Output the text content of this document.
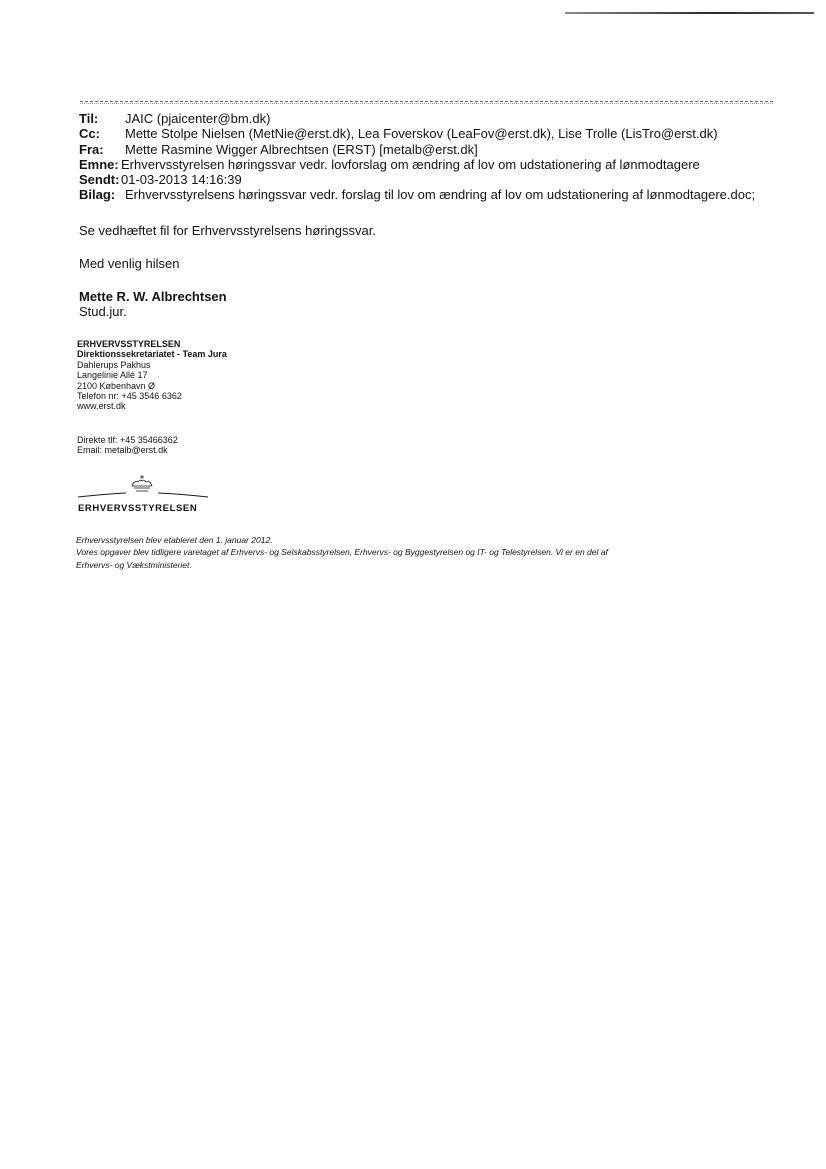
Til: JAIC (pjaicenter@bm.dk)
Cc: Mette Stolpe Nielsen (MetNie@erst.dk), Lea Foverskov (LeaFov@erst.dk), Lise Trolle (LisTro@erst.dk)
Fra: Mette Rasmine Wigger Albrechtsen (ERST) [metalb@erst.dk]
Emne: Erhvervsstyrelsen høringssvar vedr. lovforslag om ændring af lov om udstationering af lønmodtagere
Sendt: 01-03-2013 14:16:39
Bilag: Erhvervsstyrelsens høringssvar vedr. forslag til lov om ændring af lov om udstationering af lønmodtagere.doc;
Se vedhæftet fil for Erhvervsstyrelsens høringssvar.
Med venlig hilsen
Mette R. W. Albrechtsen
Stud.jur.
ERHVERVSSTYRELSEN
Direktionssekretariatet - Team Jura
Dahlerups Pakhus
Langelinie Allé 17
2100 København Ø
Telefon nr: +45 3546 6362
www.erst.dk
Direkte tlf: +45 35466362
Email: metalb@erst.dk
ERHVERVSSTYRELSEN
Erhvervsstyrelsen blev etableret den 1. januar 2012.
Vores opgaver blev tidligere varetaget af Erhvervs- og Selskabsstyrelsen, Erhvervs- og Byggestyrelsen og IT- og Telestyrelsen. Vi er en del af
Erhvervs- og Vækstministeriet.
